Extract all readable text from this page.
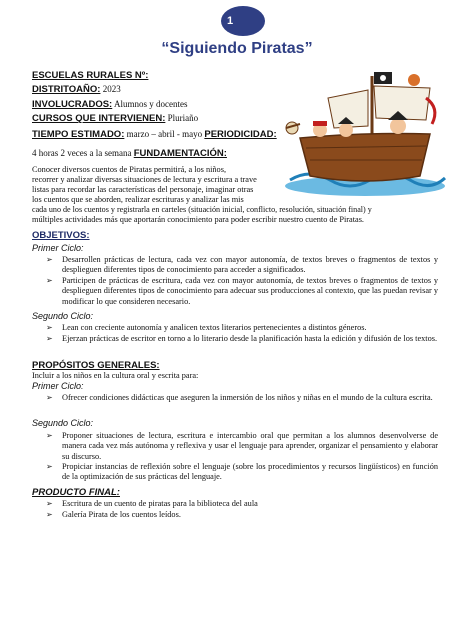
1
“Siguiendo Piratas”
ESCUELAS RURALES Nº:
DISTRITOAÑO: 2023
INVOLUCRADOS: Alumnos y docentes
CURSOS QUE INTERVIENEN: Pluriaño
TIEMPO ESTIMADO: marzo – abril - mayo PERIODICIDAD:
4 horas 2 veces a la semana FUNDAMENTACIÓN:
Conocer diversos cuentos de Piratas permitirá, a los niños,
recorrer y analizar diversas situaciones de lectura y escritura a trave
listas para recordar las características del personaje, imaginar otras
los cuentos que se aborden, realizar escrituras y analizar las mis
cada uno de los cuentos y registrarla en carteles (situación inicial, conflicto, resolución, situación final) y
múltiples actividades más que aportarán conocimiento para poder escribir nuestro cuento de Piratas.
OBJETIVOS:
Primer Ciclo:
➢ Desarrollen prácticas de lectura, cada vez con mayor autonomía, de textos breves o fragmentos de textos y desplieguen diferentes tipos de conocimiento para acceder a significados.
➢ Participen de prácticas de escritura, cada vez con mayor autonomía, de textos breves o fragmentos de textos y desplieguen diferentes tipos de conocimiento para adecuar sus producciones al contexto, que las puedan revisar y modificar lo que consideren necesario.
Segundo Ciclo:
➢ Lean con creciente autonomía y analicen textos literarios pertenecientes a distintos géneros.
➢ Ejerzan prácticas de escritor en torno a lo literario desde la planificación hasta la edición y difusión de los textos.
PROPÓSITOS GENERALES:
Incluir a los niños en la cultura oral y escrita para:
Primer Ciclo:
➢ Ofrecer condiciones didácticas que aseguren la inmersión de los niños y niñas en el mundo de la cultura escrita.
Segundo Ciclo:
➢ Proponer situaciones de lectura, escritura e intercambio oral que permitan a los alumnos desenvolverse de manera cada vez más autónoma y reflexiva y usar el lenguaje para aprender, organizar el pensamiento y elaborar su discurso.
➢ Propiciar instancias de reflexión sobre el lenguaje (sobre los procedimientos y recursos lingüísticos) en función de la optimización de sus prácticas del lenguaje.
PRODUCTO FINAL:
➢ Escritura de un cuento de piratas para la biblioteca del aula
➢ Galería Pirata de los cuentos leídos.
